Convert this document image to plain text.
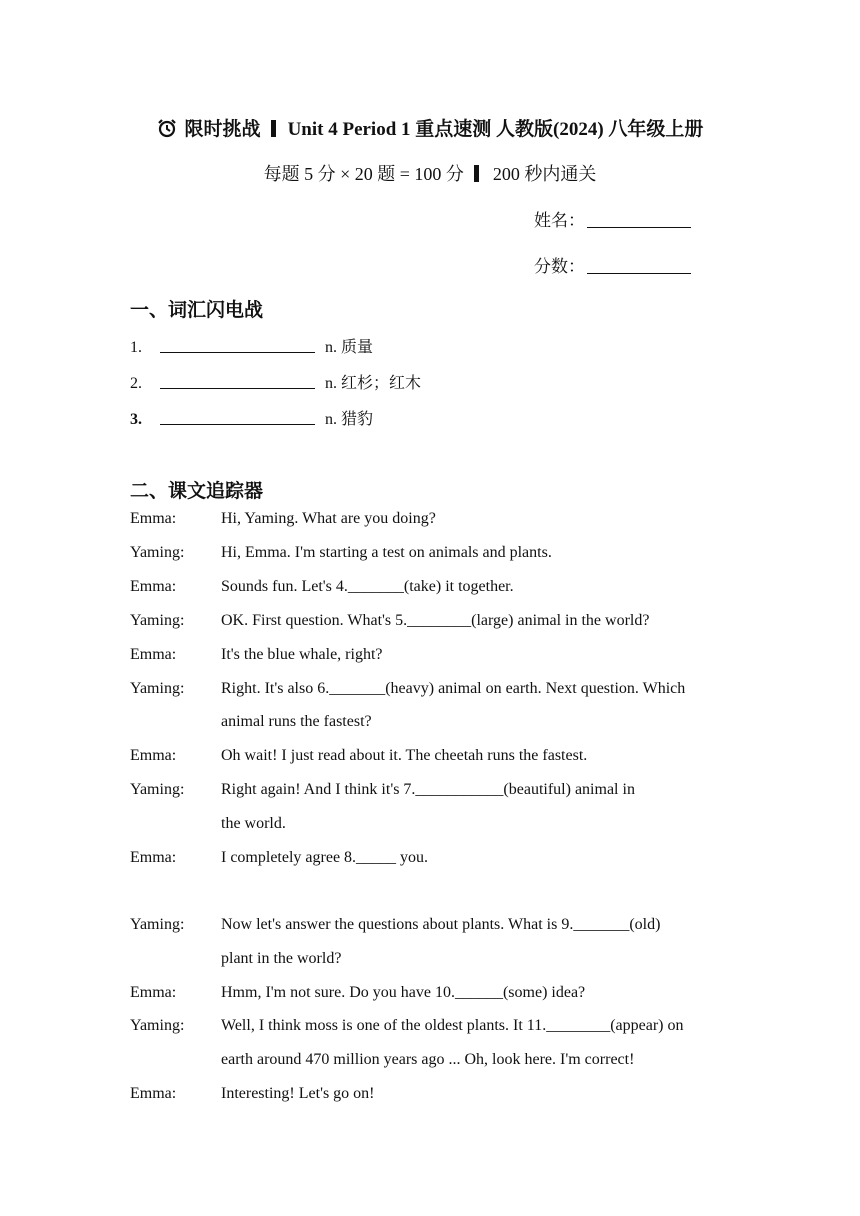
限时挑战 Unit 4 Period 1 重点速测 人教版(2024) 八年级上册
每题 5 分 × 20 题 = 100 分 200 秒内通关
姓名：
分数：
一、词汇闪电战
1.	n. 质量
2.	n. 红杉；红木
3.	n. 猎豹
二、课文追踪器
Emma:	Hi, Yaming. What are you doing?
Yaming: Hi, Emma. I'm starting a test on animals and plants.
Emma:	Sounds fun. Let's 4._______(take) it together.
Yaming: OK. First question. What's 5.________(large) animal in the world?
Emma:	It's the blue whale, right?
Yaming: Right. It's also 6._______(heavy) animal on earth. Next question. Which
animal runs the fastest?
Emma:	Oh wait! I just read about it. The cheetah runs the fastest.
Yaming: Right again! And I think it's 7.___________(beautiful) animal in
the world.
Emma:	I completely agree 8._____ you.
Yaming: Now let's answer the questions about plants. What is 9._______(old)
plant in the world?
Emma:	Hmm, I'm not sure. Do you have 10.______(some) idea?
Yaming: Well, I think moss is one of the oldest plants. It 11.________(appear) on
earth around 470 million years ago ... Oh, look here. I'm correct!
Emma:	Interesting! Let's go on!
